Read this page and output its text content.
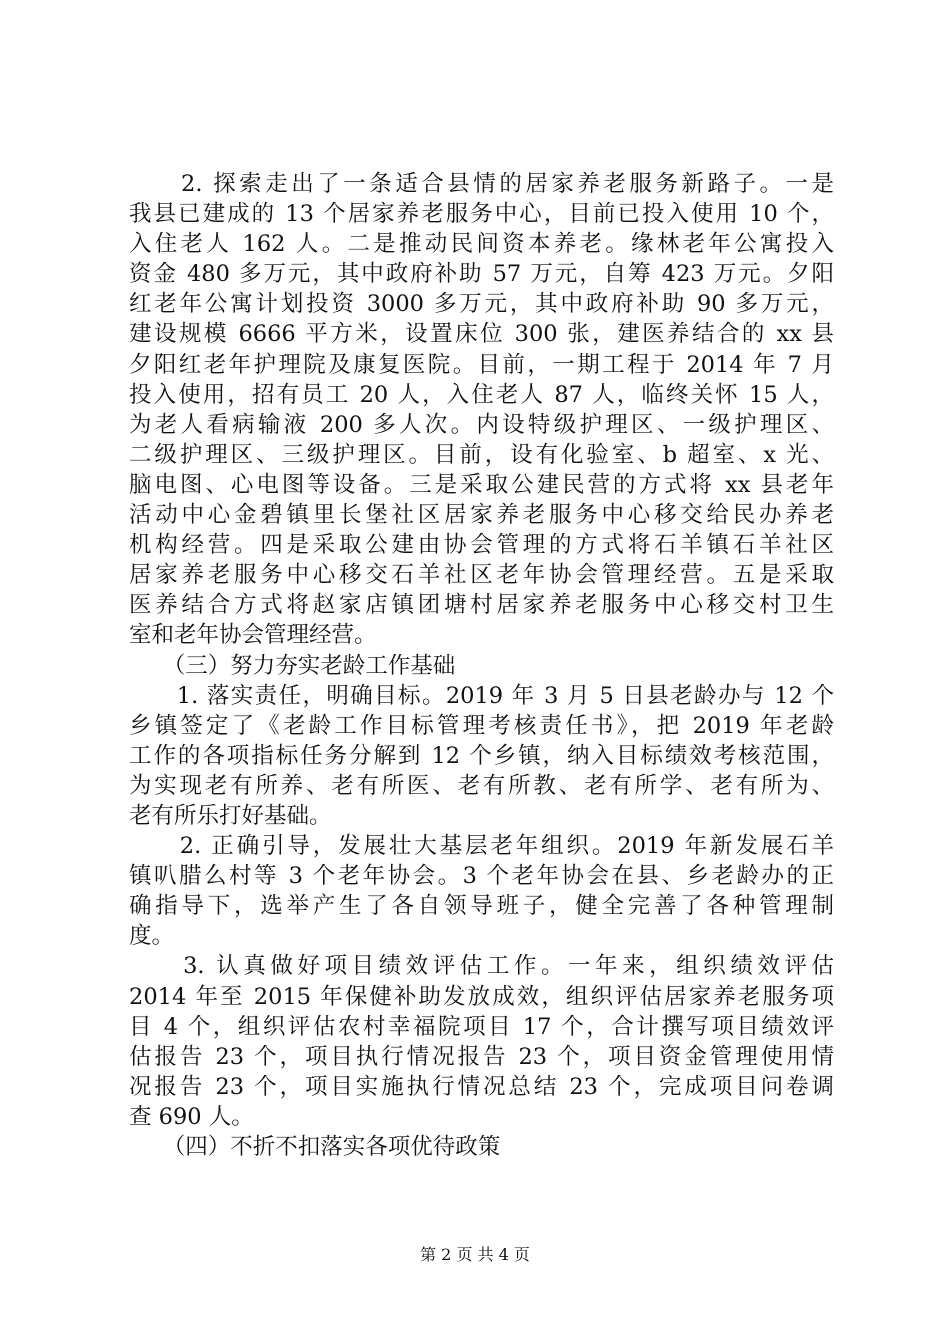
　　2. 探索走出了一条适合县情的居家养老服务新路子。一是
我县已建成的 13 个居家养老服务中心，目前已投入使用 10 个，
入住老人 162 人。二是推动民间资本养老。缘林老年公寓投入
资金 480 多万元，其中政府补助 57 万元，自筹 423 万元。夕阳
红老年公寓计划投资 3000 多万元，其中政府补助 90 多万元，
建设规模 6666 平方米，设置床位 300 张，建医养结合的 xx 县
夕阳红老年护理院及康复医院。目前，一期工程于 2014 年 7 月
投入使用，招有员工 20 人，入住老人 87 人，临终关怀 15 人，
为老人看病输液 200 多人次。内设特级护理区、一级护理区、
二级护理区、三级护理区。目前，设有化验室、b 超室、x 光、
脑电图、心电图等设备。三是采取公建民营的方式将 xx 县老年
活动中心金碧镇里长堡社区居家养老服务中心移交给民办养老
机构经营。四是采取公建由协会管理的方式将石羊镇石羊社区
居家养老服务中心移交石羊社区老年协会管理经营。五是采取
医养结合方式将赵家店镇团塘村居家养老服务中心移交村卫生
室和老年协会管理经营。
　　（三）努力夯实老龄工作基础
　　1. 落实责任，明确目标。2019 年 3 月 5 日县老龄办与 12 个
乡镇签定了《老龄工作目标管理考核责任书》，把 2019 年老龄
工作的各项指标任务分解到 12 个乡镇，纳入目标绩效考核范围，
为实现老有所养、老有所医、老有所教、老有所学、老有所为、
老有所乐打好基础。
　　2. 正确引导，发展壮大基层老年组织。2019 年新发展石羊
镇叭腊么村等 3 个老年协会。3 个老年协会在县、乡老龄办的正
确指导下，选举产生了各自领导班子，健全完善了各种管理制
度。
　　3. 认真做好项目绩效评估工作。一年来，组织绩效评估
2014 年至 2015 年保健补助发放成效，组织评估居家养老服务项
目 4 个，组织评估农村幸福院项目 17 个，合计撰写项目绩效评
估报告 23 个，项目执行情况报告 23 个，项目资金管理使用情
况报告 23 个，项目实施执行情况总结 23 个，完成项目问卷调
查 690 人。
　　（四）不折不扣落实各项优待政策
第 2 页 共 4 页
